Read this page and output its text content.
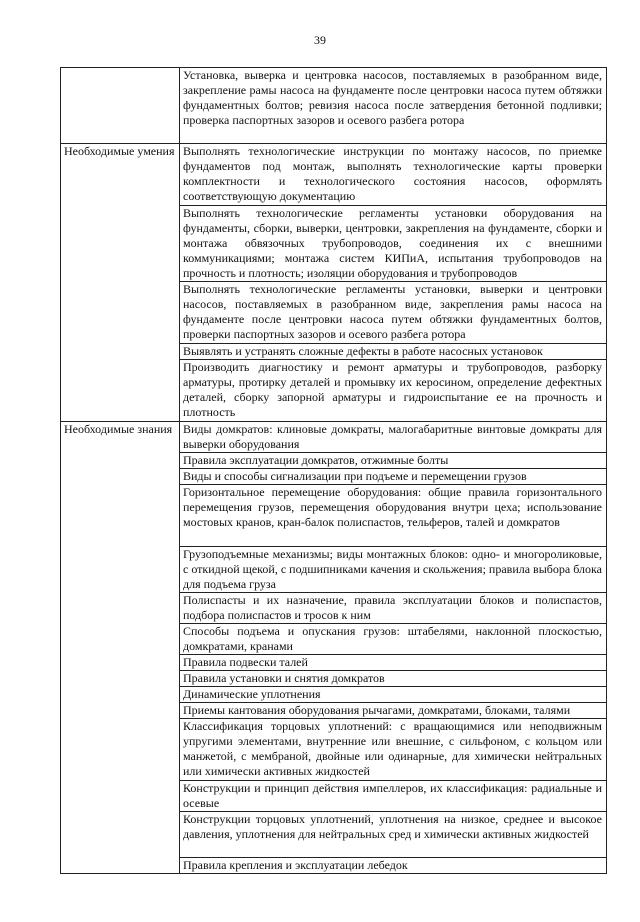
39
	Установка, выверка и центровка насосов, поставляемых в разобранном виде, закрепление рамы насоса на фундаменте после центровки насоса путем обтяжки фундаментных болтов; ревизия насоса после затвердения бетонной подливки; проверка паспортных зазоров и осевого разбега ротора
Необходимые умения	Выполнять технологические инструкции по монтажу насосов, по приемке фундаментов под монтаж, выполнять технологические карты проверки комплектности и технологического состояния насосов, оформлять соответствующую документацию
	Выполнять технологические регламенты установки оборудования на фундаменты, сборки, выверки, центровки, закрепления на фундаменте, сборки и монтажа обвязочных трубопроводов, соединения их с внешними коммуникациями; монтажа систем КИПиА, испытания трубопроводов на прочность и плотность; изоляции оборудования и трубопроводов
	Выполнять технологические регламенты установки, выверки и центровки насосов, поставляемых в разобранном виде, закрепления рамы насоса на фундаменте после центровки насоса путем обтяжки фундаментных болтов, проверки паспортных зазоров и осевого разбега ротора
	Выявлять и устранять сложные дефекты в работе насосных установок
	Производить диагностику и ремонт арматуры и трубопроводов, разборку арматуры, протирку деталей и промывку их керосином, определение дефектных деталей, сборку запорной арматуры и гидроиспытание ее на прочность и плотность
Необходимые знания	Виды домкратов: клиновые домкраты, малогабаритные винтовые домкраты для выверки оборудования
	Правила эксплуатации домкратов, отжимные болты
	Виды и способы сигнализации при подъеме и перемещении грузов
	Горизонтальное перемещение оборудования: общие правила горизонтального перемещения грузов, перемещения оборудования внутри цеха; использование мостовых кранов, кран-балок полиспастов, тельферов, талей и домкратов
	Грузоподъемные механизмы; виды монтажных блоков: одно- и многороликовые, с откидной щекой, с подшипниками качения и скольжения; правила выбора блока для подъема груза
	Полиспасты и их назначение, правила эксплуатации блоков и полиспастов, подбора полиспастов и тросов к ним
	Способы подъема и опускания грузов: штабелями, наклонной плоскостью, домкратами, кранами
	Правила подвески талей
	Правила установки и снятия домкратов
	Динамические уплотнения
	Приемы кантования оборудования рычагами, домкратами, блоками, талями
	Классификация торцовых уплотнений: с вращающимися или неподвижным упругими элементами, внутренние или внешние, с сильфоном, с кольцом или манжетой, с мембраной, двойные или одинарные, для химически нейтральных или химически активных жидкостей
	Конструкции и принцип действия импеллеров, их классификация: радиальные и осевые
	Конструкции торцовых уплотнений, уплотнения на низкое, среднее и высокое давления, уплотнения для нейтральных сред и химически активных жидкостей
	Правила крепления и эксплуатации лебедок
